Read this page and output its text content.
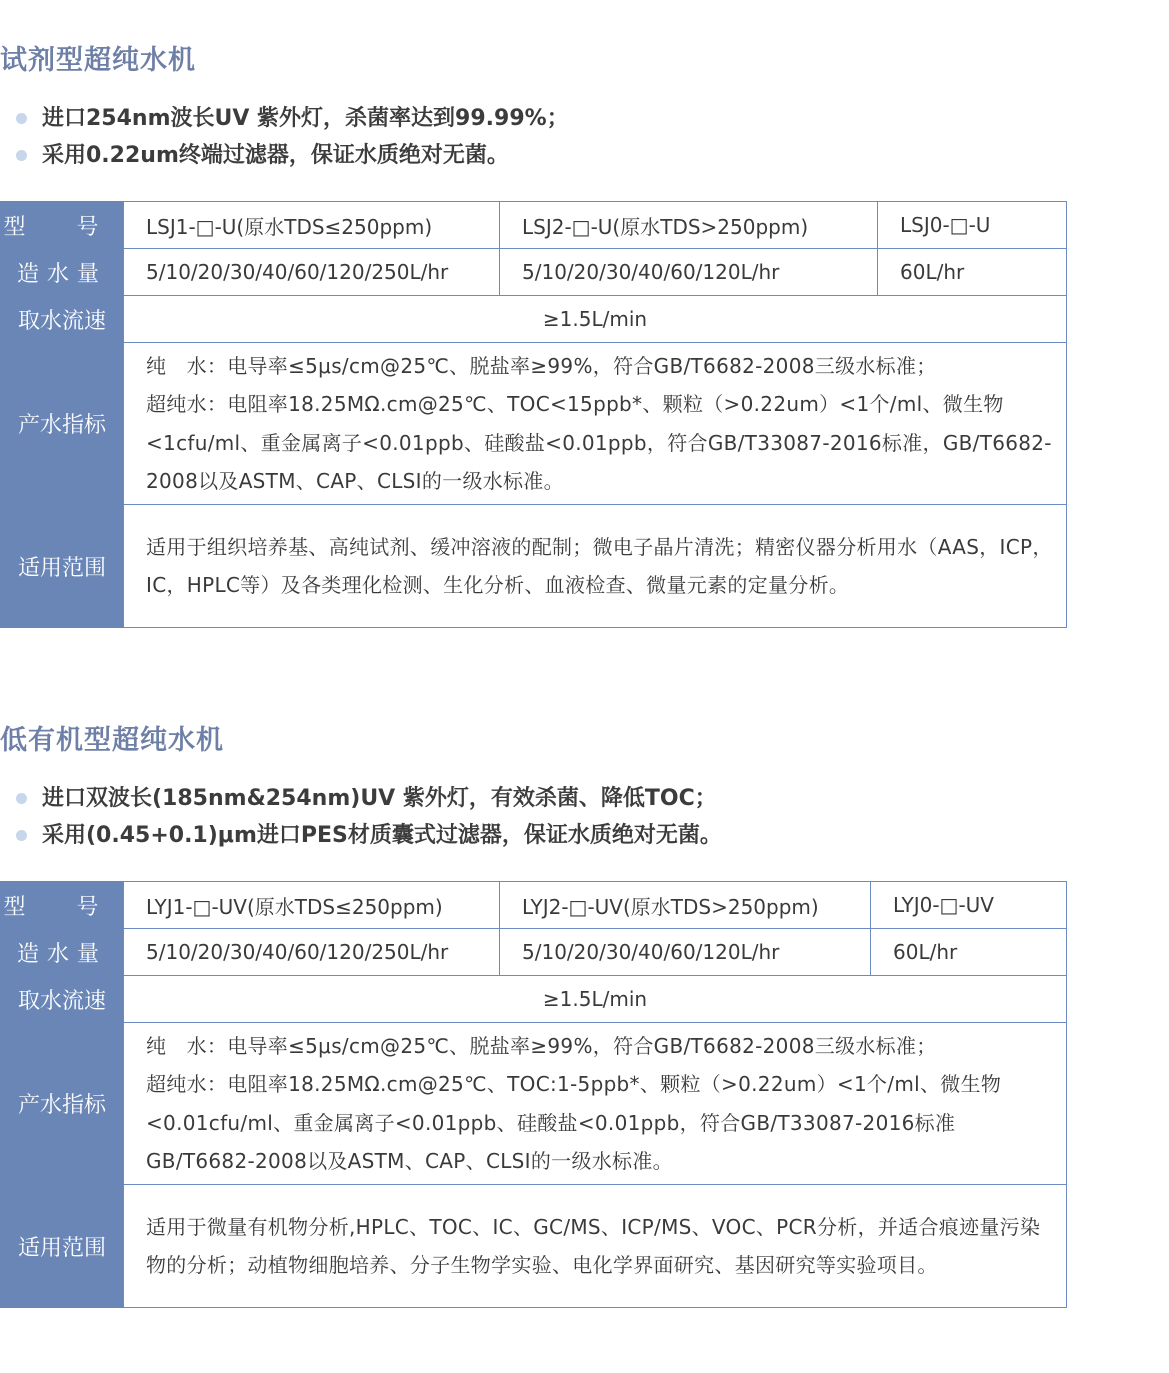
试剂型超纯水机
进口254nm波长UV 紫外灯，杀菌率达到99.99%；
采用0.22um终端过滤器，保证水质绝对无菌。
型 号	LSJ1-□-U(原水TDS≤250ppm)	LSJ2-□-U(原水TDS>250ppm)	LSJ0-□-U
造水量	5/10/20/30/40/60/120/250L/hr	5/10/20/30/40/60/120L/hr	60L/hr
取水流速	≥1.5L/min		
产水指标	纯　水：电导率≤5μs/cm@25℃、脱盐率≥99%，符合GB/T6682-2008三级水标准；
超纯水：电阻率18.25MΩ.cm@25℃、TOC<15ppb*、颗粒（>0.22um）<1个/ml、微生物<1cfu/ml、重金属离子<0.01ppb、硅酸盐<0.01ppb，符合GB/T33087-2016标准，GB/T6682-2008以及ASTM、CAP、CLSI的一级水标准。		

适用范围	适用于组织培养基、高纯试剂、缓冲溶液的配制；微电子晶片清洗；精密仪器分析用水（AAS，ICP，IC，HPLC等）及各类理化检测、生化分析、血液检查、微量元素的定量分析。		
低有机型超纯水机
进口双波长(185nm&254nm)UV 紫外灯，有效杀菌、降低TOC；
采用(0.45+0.1)μm进口PES材质囊式过滤器，保证水质绝对无菌。
型 号	LYJ1-□-UV(原水TDS≤250ppm)	LYJ2-□-UV(原水TDS>250ppm)	LYJ0-□-UV
造水量	5/10/20/30/40/60/120/250L/hr	5/10/20/30/40/60/120L/hr	60L/hr
取水流速	≥1.5L/min		
产水指标	纯　水：电导率≤5μs/cm@25℃、脱盐率≥99%，符合GB/T6682-2008三级水标准；
超纯水：电阻率18.25MΩ.cm@25℃、TOC:1-5ppb*、颗粒（>0.22um）<1个/ml、微生物<0.01cfu/ml、重金属离子<0.01ppb、硅酸盐<0.01ppb，符合GB/T33087-2016标准GB/T6682-2008以及ASTM、CAP、CLSI的一级水标准。		

适用范围	适用于微量有机物分析,HPLC、TOC、IC、GC/MS、ICP/MS、VOC、PCR分析，并适合痕迹量污染物的分析；动植物细胞培养、分子生物学实验、电化学界面研究、基因研究等实验项目。		
